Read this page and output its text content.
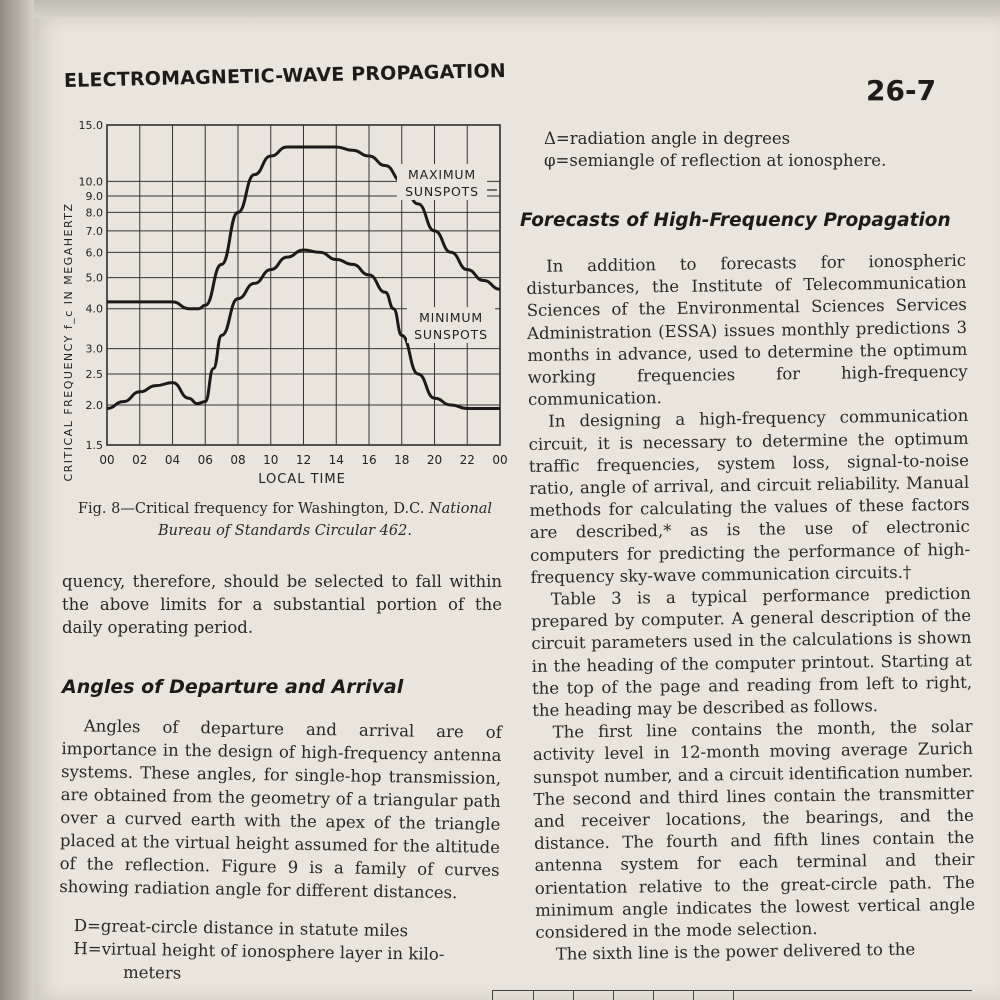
ELECTROMAGNETIC-WAVE PROPAGATION	26-7
1.5
2.0
2.5
3.0
4.0
5.0
6.0
7.0
8.0
9.0
10.0
15.0
00 02 04 06 08 10 12 14 16 18 20 22 00
CRITICAL FREQUENCY f_c IN MEGAHERTZ	LOCAL TIME
MAXIMUM
SUNSPOTS
MINIMUM
SUNSPOTS
Fig. 8—Critical frequency for Washington, D.C. National
Bureau of Standards Circular 462.
quency, therefore, should be selected to fall within the above limits for a substantial portion of the daily operating period.
Angles of Departure and Arrival
Angles of departure and arrival are of importance in the design of high-frequency antenna systems. These angles, for single-hop transmission, are obtained from the geometry of a triangular path over a curved earth with the apex of the triangle placed at the virtual height assumed for the altitude of the reflection. Figure 9 is a family of curves showing radiation angle for different distances.
D=great-circle distance in statute miles
H=virtual height of ionosphere layer in kilo-
meters
Δ=radiation angle in degrees
φ=semiangle of reflection at ionosphere.
Forecasts of High-Frequency Propagation

In addition to forecasts for ionospheric disturbances, the Institute of Telecommunication Sciences of the Environmental Sciences Services Administration (ESSA) issues monthly predictions 3 months in advance, used to determine the optimum working frequencies for high-frequency communication.

In designing a high-frequency communication circuit, it is necessary to determine the optimum traffic frequencies, system loss, signal-to-noise ratio, angle of arrival, and circuit reliability. Manual methods for calculating the values of these factors are described,* as is the use of electronic computers for predicting the performance of high-frequency sky-wave communication circuits.†

Table 3 is a typical performance prediction prepared by computer. A general description of the circuit parameters used in the calculations is shown in the heading of the computer printout. Starting at the top of the page and reading from left to right, the heading may be described as follows.

The first line contains the month, the solar activity level in 12-month moving average Zurich sunspot number, and a circuit identification number. The second and third lines contain the transmitter and receiver locations, the bearings, and the distance. The fourth and fifth lines contain the antenna system for each terminal and their orientation relative to the great-circle path. The minimum angle indicates the lowest vertical angle considered in the mode selection.

The sixth line is the power delivered to the
